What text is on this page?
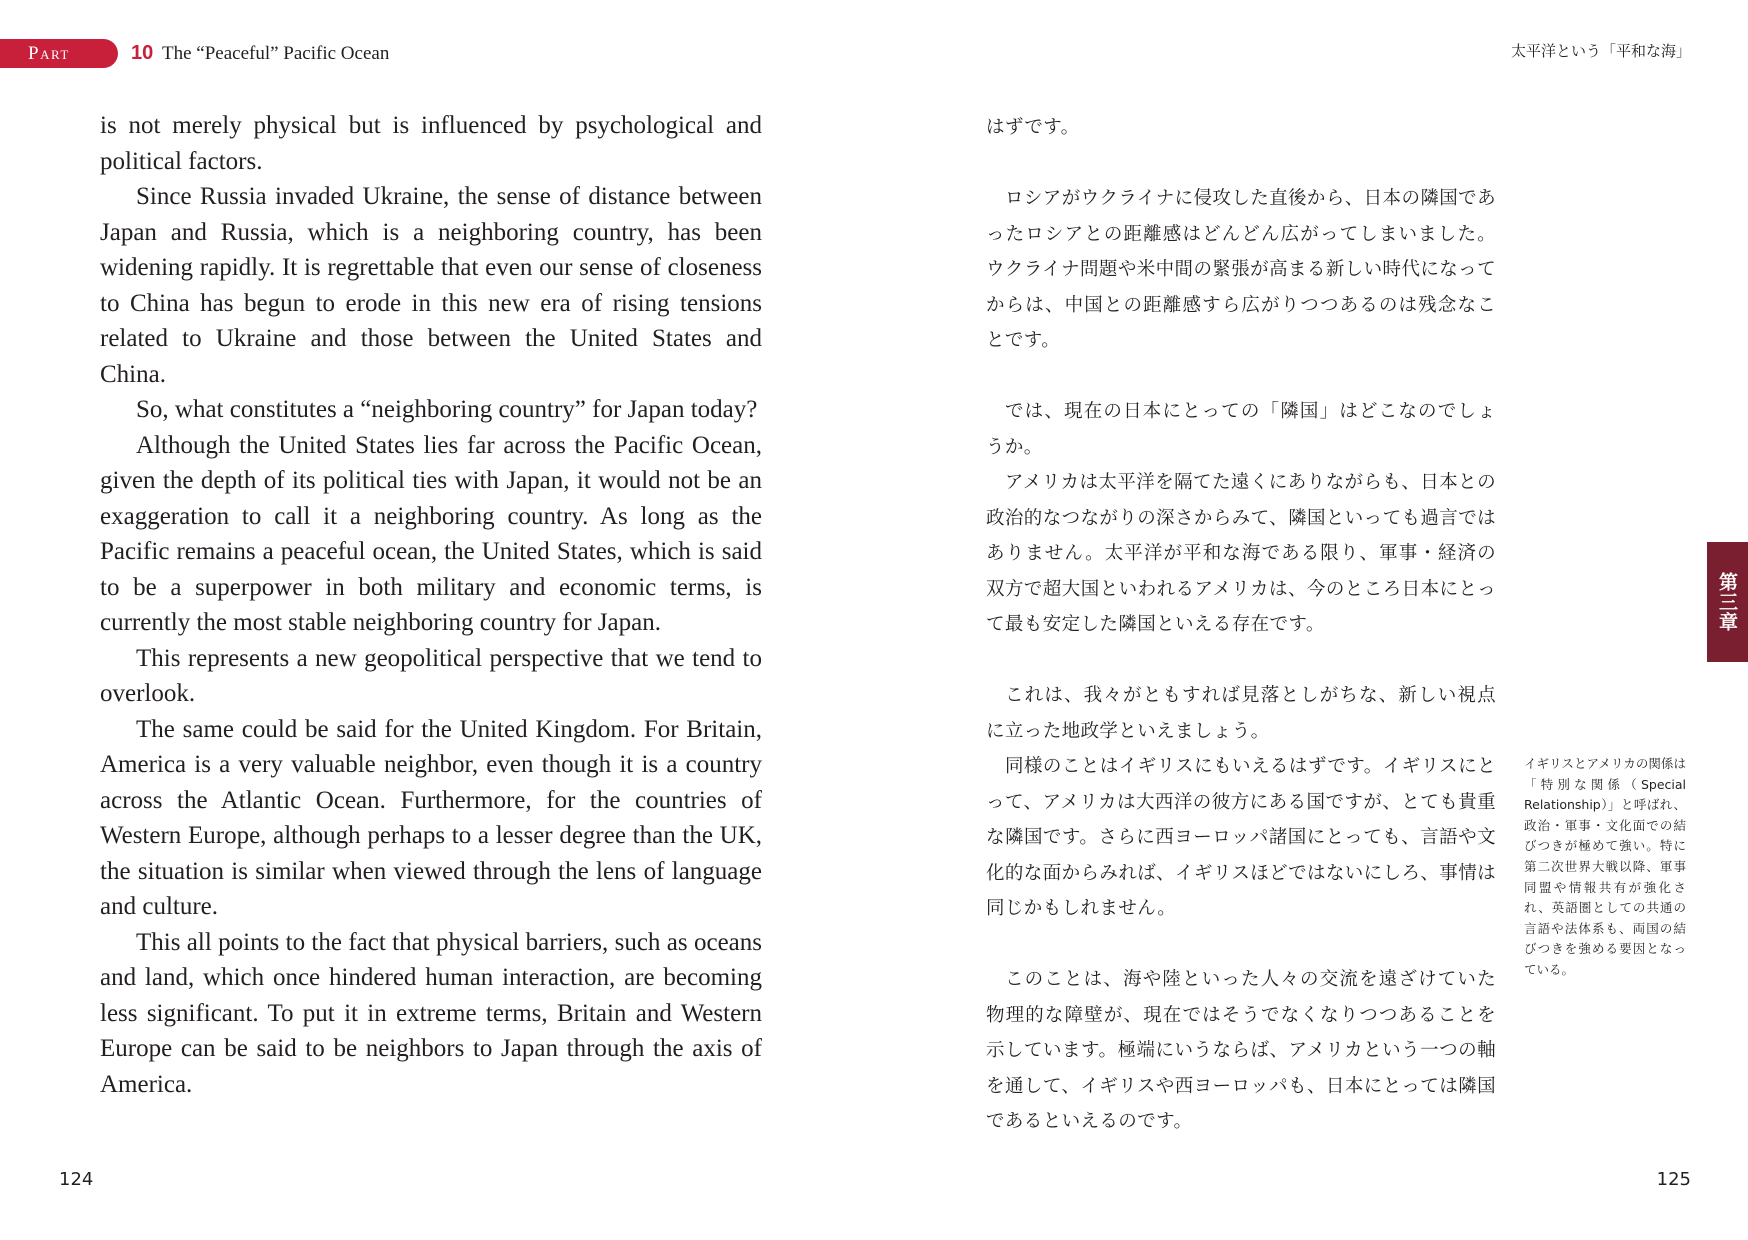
Part	10 The “Peaceful” Pacific Ocean	太平洋という「平和な海」

is not merely physical but is influenced by psychological and political factors.

Since Russia invaded Ukraine, the sense of distance between Japan and Russia, which is a neighboring country, has been widening rapidly. It is regrettable that even our sense of closeness to China has begun to erode in this new era of rising tensions related to Ukraine and those between the United States and China.

So, what constitutes a “neighboring country” for Japan today?

Although the United States lies far across the Pacific Ocean, given the depth of its political ties with Japan, it would not be an exaggeration to call it a neighboring country. As long as the Pacific remains a peaceful ocean, the United States, which is said to be a superpower in both military and economic terms, is currently the most stable neighboring country for Japan.

This represents a new geopolitical perspective that we tend to overlook.

The same could be said for the United Kingdom. For Britain, America is a very valuable neighbor, even though it is a country across the Atlantic Ocean. Furthermore, for the countries of Western Europe, although perhaps to a lesser degree than the UK, the situation is similar when viewed through the lens of language and culture.

This all points to the fact that physical barriers, such as oceans and land, which once hindered human interaction, are becoming less significant. To put it in extreme terms, Britain and Western Europe can be said to be neighbors to Japan through the axis of America.

はずです。

ロシアがウクライナに侵攻した直後から、日本の隣国であったロシアとの距離感はどんどん広がってしまいました。ウクライナ問題や米中間の緊張が高まる新しい時代になってからは、中国との距離感すら広がりつつあるのは残念なことです。

では、現在の日本にとっての「隣国」はどこなのでしょうか。

アメリカは太平洋を隔てた遠くにありながらも、日本との政治的なつながりの深さからみて、隣国といっても過言ではありません。太平洋が平和な海である限り、軍事・経済の双方で超大国といわれるアメリカは、今のところ日本にとって最も安定した隣国といえる存在です。

これは、我々がともすれば見落としがちな、新しい視点に立った地政学といえましょう。

同様のことはイギリスにもいえるはずです。イギリスにとって、アメリカは大西洋の彼方にある国ですが、とても貴重な隣国です。さらに西ヨーロッパ諸国にとっても、言語や文化的な面からみれば、イギリスほどではないにしろ、事情は同じかもしれません。

このことは、海や陸といった人々の交流を遠ざけていた物理的な障壁が、現在ではそうでなくなりつつあることを示しています。極端にいうならば、アメリカという一つの軸を通して、イギリスや西ヨーロッパも、日本にとっては隣国であるといえるのです。

イギリスとアメリカの関係は「特別な関係（Special Relationship）」と呼ばれ、政治・軍事・文化面での結びつきが極めて強い。特に第二次世界大戦以降、軍事同盟や情報共有が強化され、英語圏としての共通の言語や法体系も、両国の結びつきを強める要因となっている。
第三章
124	125
